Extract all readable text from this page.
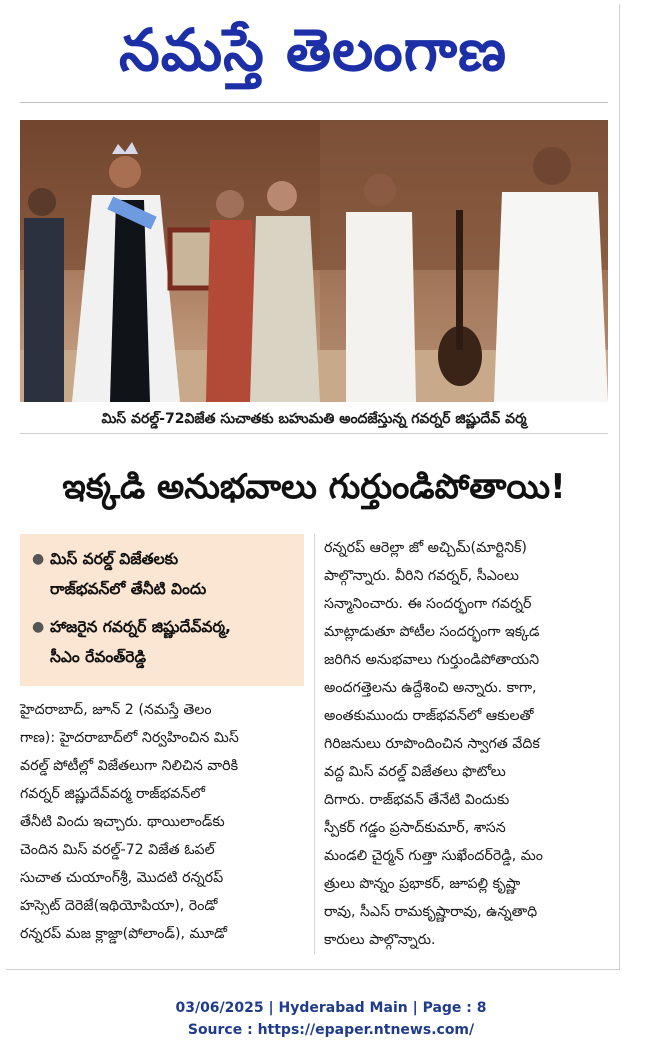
నమస్తే తెలంగాణ
మిస్ వరల్డ్-72విజేత సుచాతకు బహుమతి అందజేస్తున్న గవర్నర్ జిష్ణుదేవ్ వర్మ
ఇక్కడి అనుభవాలు గుర్తుండిపోతాయి!
● మిస్ వరల్డ్ విజేతలకు
రాజ్‌భవన్‌లో తేనీటి విందు
● హాజరైన గవర్నర్ జిష్ణుదేవ్‌వర్మ,
సీఎం రేవంత్‌రెడ్డి
హైదరాబాద్, జూన్ 2 (నమస్తే తెలం
గాణ): హైదరాబాద్‌లో నిర్వహించిన మిస్
వరల్డ్ పోటీల్లో విజేతలుగా నిలిచిన వారికి
గవర్నర్ జిష్ణుదేవ్‌వర్మ రాజ్‌భవన్‌లో
తేనీటి విందు ఇచ్చారు. థాయిలాండ్‌కు
చెందిన మిస్ వరల్డ్-72 విజేత ఓపల్
సుచాత చుయాంగ్‌శ్రీ, మొదటి రన్నరప్
హస్సెట్ దెరెజే(ఇథియోపియా), రెండో
రన్నరప్ మజ క్లాజ్డా(పోలాండ్), మూడో
రన్నరప్ ఆరెల్లా జో అచ్చిమ్(మార్టినిక్)
పాల్గొన్నారు. వీరిని గవర్నర్, సీఎంలు
సన్మానించారు. ఈ సందర్భంగా గవర్నర్
మాట్లాడుతూ పోటీల సందర్భంగా ఇక్కడ
జరిగిన అనుభవాలు గుర్తుండిపోతాయని
అందగత్తెలను ఉద్దేశించి అన్నారు. కాగా,
అంతకుముందు రాజ్‌భవన్‌లో ఆకులతో
గిరిజనులు రూపొందించిన స్వాగత వేదిక
వద్ద మిస్ వరల్డ్ విజేతలు ఫొటోలు
దిగారు. రాజ్‌భవన్ తేనేటి విందుకు
స్పీకర్ గడ్డం ప్రసాద్‌కుమార్, శాసన
మండలి చైర్మన్ గుత్తా సుఖేందర్‌రెడ్డి, మం
త్రులు పొన్నం ప్రభాకర్, జూపల్లి కృష్ణా
రావు, సీఎస్ రామకృష్ణారావు, ఉన్నతాధి
కారులు పాల్గొన్నారు.
03/06/2025 | Hyderabad Main | Page : 8
Source : https://epaper.ntnews.com/
